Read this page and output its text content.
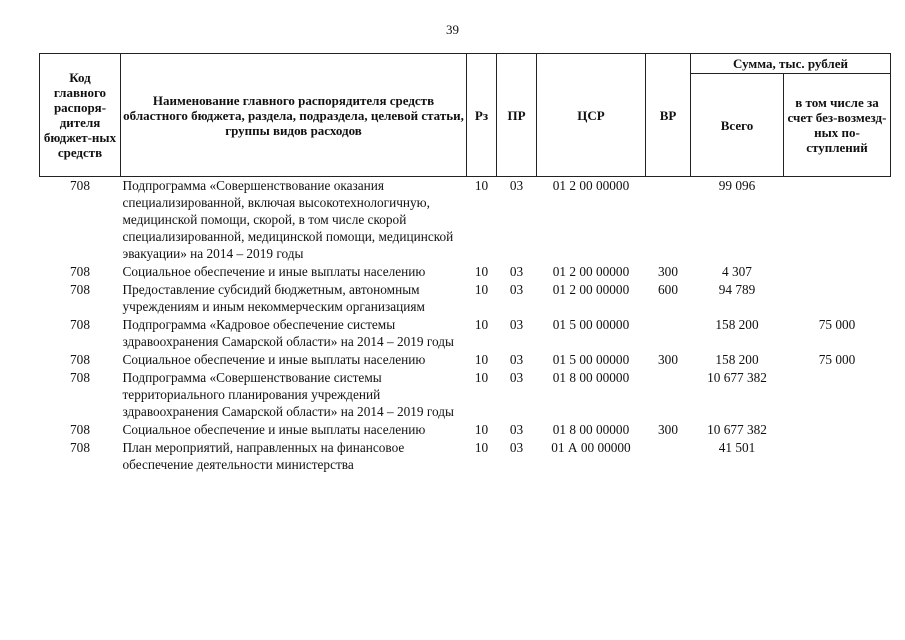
39
Код главного распоря-дителя бюджет-ных средств	Наименование главного распорядителя средств областного бюджета, раздела, подраздела, целевой статьи, группы видов расходов	Рз	ПР	ЦСР	ВР	Сумма, тыс. рублей	
						Всего	в том числе за счет без-возмезд-ных по-ступлений
708	Подпрограмма «Совершенствование оказания специализированной, включая высокотехнологичную, медицинской помощи, скорой, в том числе скорой специализированной, медицинской помощи, медицинской эвакуации» на 2014 – 2019 годы	10	03	01 2 00 00000		99 096	
708	Социальное обеспечение и иные выплаты населению	10	03	01 2 00 00000	300	4 307	
708	Предоставление субсидий бюджетным, автономным учреждениям и иным некоммерческим организациям	10	03	01 2 00 00000	600	94 789	
708	Подпрограмма «Кадровое обеспечение системы здравоохранения Самарской области» на 2014 – 2019 годы	10	03	01 5 00 00000		158 200	75 000
708	Социальное обеспечение и иные выплаты населению	10	03	01 5 00 00000	300	158 200	75 000
708	Подпрограмма «Совершенствование системы территориального планирования учреждений здравоохранения Самарской области» на 2014 – 2019 годы	10	03	01 8 00 00000		10 677 382	
708	Социальное обеспечение и иные выплаты населению	10	03	01 8 00 00000	300	10 677 382	
708	План мероприятий, направленных на финансовое обеспечение деятельности министерства	10	03	01 А 00 00000		41 501	
